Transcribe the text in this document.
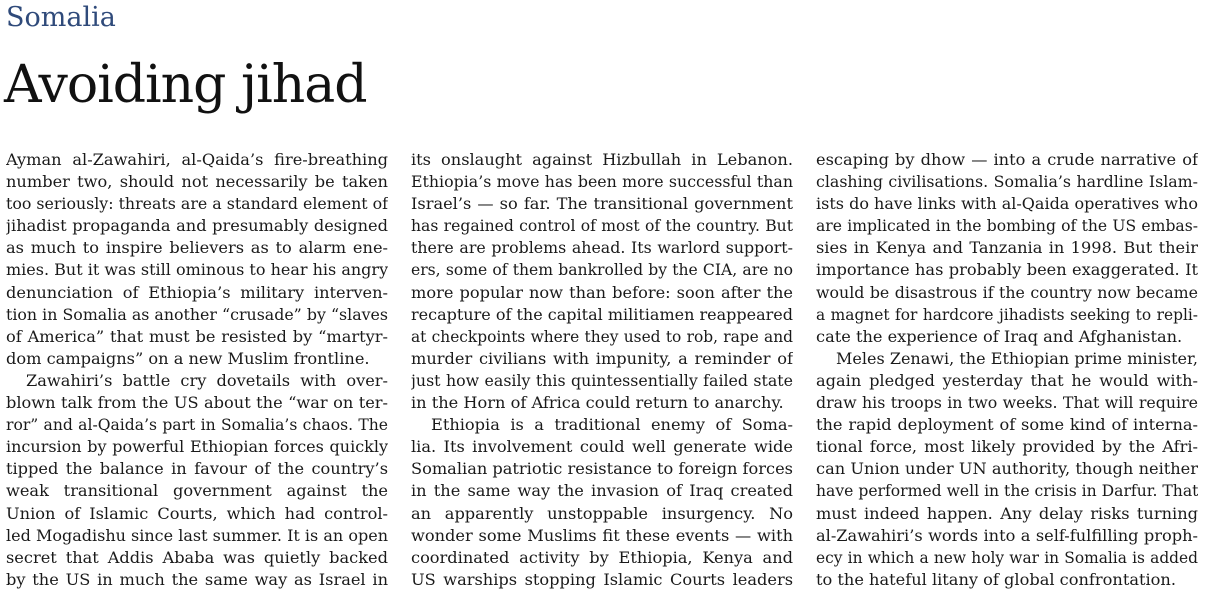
Somalia
Avoiding jihad
Ayman al-Zawahiri, al-Qaida’s fire-breathing
number two, should not necessarily be taken
too seriously: threats are a standard element of
jihadist propaganda and presumably designed
as much to inspire believers as to alarm ene-
mies. But it was still ominous to hear his angry
denunciation of Ethiopia’s military interven-
tion in Somalia as another “crusade” by “slaves
of America” that must be resisted by “martyr-
dom campaigns” on a new Muslim frontline.
Zawahiri’s battle cry dovetails with over-
blown talk from the US about the “war on ter-
ror” and al-Qaida’s part in Somalia’s chaos. The
incursion by powerful Ethiopian forces quickly
tipped the balance in favour of the country’s
weak transitional government against the
Union of Islamic Courts, which had control-
led Mogadishu since last summer. It is an open
secret that Addis Ababa was quietly backed
by the US in much the same way as Israel in
its onslaught against Hizbullah in Lebanon.
Ethiopia’s move has been more successful than
Israel’s — so far. The transitional government
has regained control of most of the country. But
there are problems ahead. Its warlord support-
ers, some of them bankrolled by the CIA, are no
more popular now than before: soon after the
recapture of the capital militiamen reappeared
at checkpoints where they used to rob, rape and
murder civilians with impunity, a reminder of
just how easily this quintessentially failed state
in the Horn of Africa could return to anarchy.
Ethiopia is a traditional enemy of Soma-
lia. Its involvement could well generate wide
Somalian patriotic resistance to foreign forces
in the same way the invasion of Iraq created
an apparently unstoppable insurgency. No
wonder some Muslims fit these events — with
coordinated activity by Ethiopia, Kenya and
US warships stopping Islamic Courts leaders
escaping by dhow — into a crude narrative of
clashing civilisations. Somalia’s hardline Islam-
ists do have links with al-Qaida operatives who
are implicated in the bombing of the US embas-
sies in Kenya and Tanzania in 1998. But their
importance has probably been exaggerated. It
would be disastrous if the country now became
a magnet for hardcore jihadists seeking to repli-
cate the experience of Iraq and Afghanistan.
Meles Zenawi, the Ethiopian prime minister,
again pledged yesterday that he would with-
draw his troops in two weeks. That will require
the rapid deployment of some kind of interna-
tional force, most likely provided by the Afri-
can Union under UN authority, though neither
have performed well in the crisis in Darfur. That
must indeed happen. Any delay risks turning
al-Zawahiri’s words into a self-fulfilling proph-
ecy in which a new holy war in Somalia is added
to the hateful litany of global confrontation.
